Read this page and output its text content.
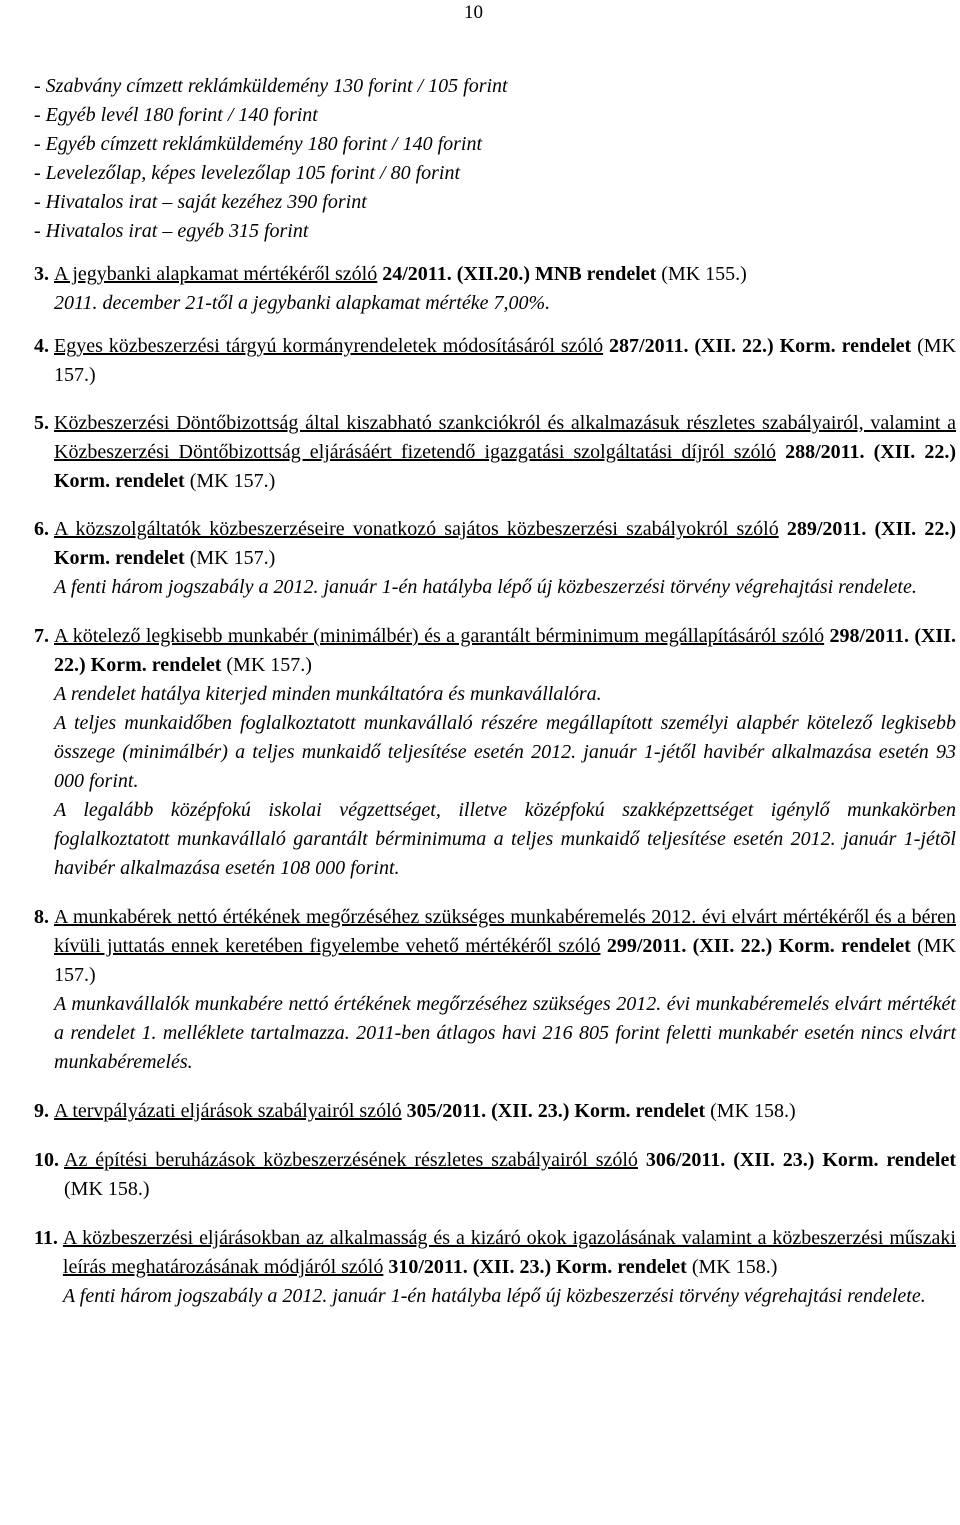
10
- Szabvány címzett reklámküldemény 130 forint / 105 forint
- Egyéb levél 180 forint / 140 forint
- Egyéb címzett reklámküldemény 180 forint / 140 forint
- Levelezőlap, képes levelezőlap 105 forint / 80 forint
- Hivatalos irat – saját kezéhez 390 forint
- Hivatalos irat – egyéb 315 forint
3. A jegybanki alapkamat mértékéről szóló 24/2011. (XII.20.) MNB rendelet (MK 155.)
2011. december 21-től a jegybanki alapkamat mértéke 7,00%.
4. Egyes közbeszerzési tárgyú kormányrendeletek módosításáról szóló 287/2011. (XII. 22.) Korm. rendelet (MK 157.)
5. Közbeszerzési Döntőbizottság által kiszabható szankciókról és alkalmazásuk részletes szabályairól, valamint a Közbeszerzési Döntőbizottság eljárásáért fizetendő igazgatási szolgáltatási díjról szóló 288/2011. (XII. 22.) Korm. rendelet (MK 157.)
6. A közszolgáltatók közbeszerzéseire vonatkozó sajátos közbeszerzési szabályokról szóló 289/2011. (XII. 22.) Korm. rendelet (MK 157.)
A fenti három jogszabály a 2012. január 1-én hatályba lépő új közbeszerzési törvény végrehajtási rendelete.
7. A kötelező legkisebb munkabér (minimálbér) és a garantált bérminimum megállapításáról szóló 298/2011. (XII. 22.) Korm. rendelet (MK 157.)
A rendelet hatálya kiterjed minden munkáltatóra és munkavállalóra.
A teljes munkaidőben foglalkoztatott munkavállaló részére megállapított személyi alapbér kötelező legkisebb összege (minimálbér) a teljes munkaidő teljesítése esetén 2012. január 1-jétől havibér alkalmazása esetén 93 000 forint.
A legalább középfokú iskolai végzettséget, illetve középfokú szakképzettséget igénylő munkakörben foglalkoztatott munkavállaló garantált bérminimuma a teljes munkaidő teljesítése esetén 2012. január 1-jétõl havibér alkalmazása esetén 108 000 forint.
8. A munkabérek nettó értékének megőrzéséhez szükséges munkabéremelés 2012. évi elvárt mértékéről és a béren kívüli juttatás ennek keretében figyelembe vehető mértékéről szóló 299/2011. (XII. 22.) Korm. rendelet (MK 157.)
A munkavállalók munkabére nettó értékének megőrzéséhez szükséges 2012. évi munkabéremelés elvárt mértékét a rendelet 1. melléklete tartalmazza. 2011-ben átlagos havi 216 805 forint feletti munkabér esetén nincs elvárt munkabéremelés.
9. A tervpályázati eljárások szabályairól szóló 305/2011. (XII. 23.) Korm. rendelet (MK 158.)
10. Az építési beruházások közbeszerzésének részletes szabályairól szóló 306/2011. (XII. 23.) Korm. rendelet (MK 158.)
11. A közbeszerzési eljárásokban az alkalmasság és a kizáró okok igazolásának valamint a közbeszerzési műszaki leírás meghatározásának módjáról szóló 310/2011. (XII. 23.) Korm. rendelet (MK 158.)
A fenti három jogszabály a 2012. január 1-én hatályba lépő új közbeszerzési törvény végrehajtási rendelete.
